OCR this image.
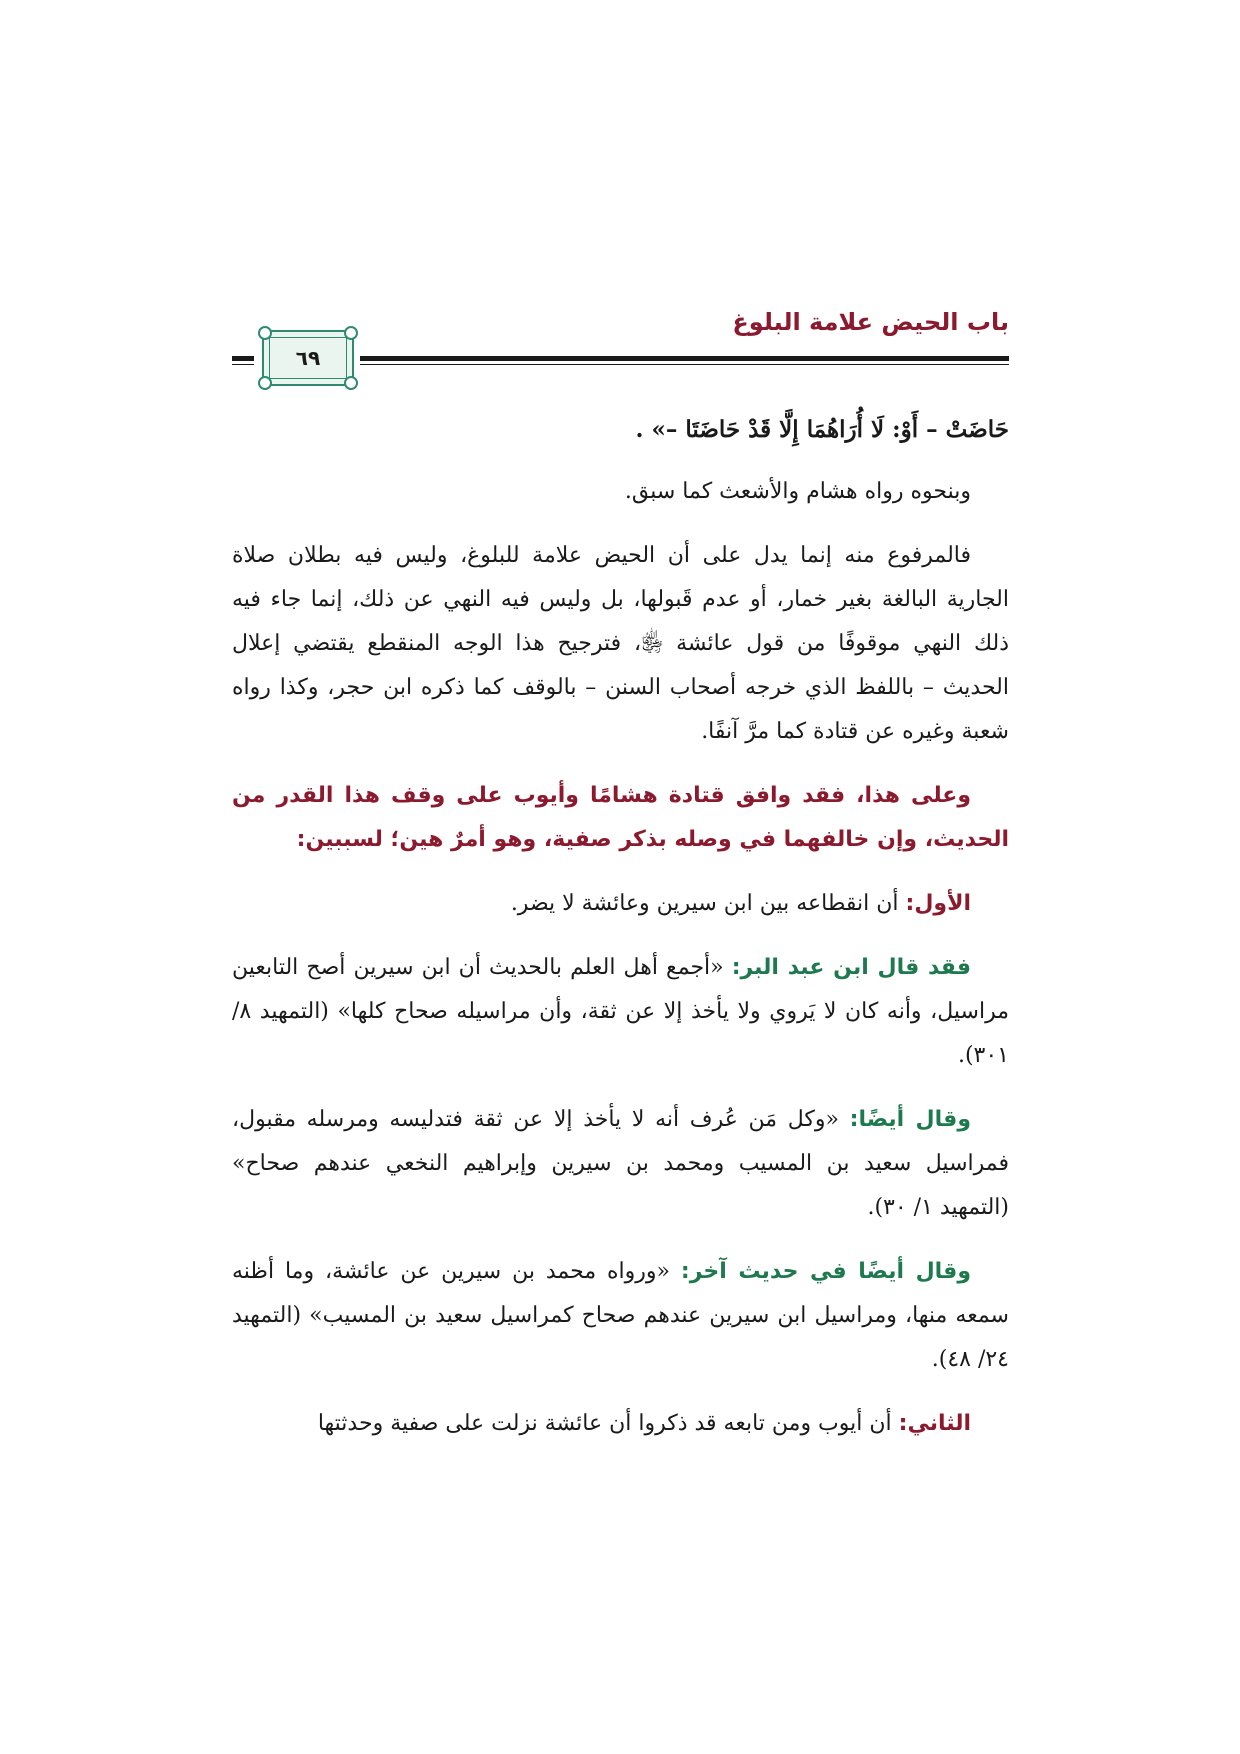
باب الحيض علامة البلوغ
٦٩

حَاضَتْ – أَوْ: لَا أُرَاهُمَا إِلَّا قَدْ حَاضَتَا –» .

وبنحوه رواه هشام والأشعث كما سبق.

فالمرفوع منه إنما يدل على أن الحيض علامة للبلوغ، وليس فيه بطلان صلاة الجارية البالغة بغير خمار، أو عدم قَبولها، بل وليس فيه النهي عن ذلك، إنما جاء فيه ذلك النهي موقوفًا من قول عائشة ﵂، فترجيح هذا الوجه المنقطع يقتضي إعلال الحديث – باللفظ الذي خرجه أصحاب السنن – بالوقف كما ذكره ابن حجر، وكذا رواه شعبة وغيره عن قتادة كما مرَّ آنفًا.

وعلى هذا، فقد وافق قتادة هشامًا وأيوب على وقف هذا القدر من الحديث، وإن خالفهما في وصله بذكر صفية، وهو أمرٌ هين؛ لسببين:

الأول: أن انقطاعه بين ابن سيرين وعائشة لا يضر.

فقد قال ابن عبد البر: «أجمع أهل العلم بالحديث أن ابن سيرين أصح التابعين مراسيل، وأنه كان لا يَروي ولا يأخذ إلا عن ثقة، وأن مراسيله صحاح كلها» (التمهيد ٨/ ٣٠١).

وقال أيضًا: «وكل مَن عُرف أنه لا يأخذ إلا عن ثقة فتدليسه ومرسله مقبول، فمراسيل سعيد بن المسيب ومحمد بن سيرين وإبراهيم النخعي عندهم صحاح» (التمهيد ١/ ٣٠).

وقال أيضًا في حديث آخر: «ورواه محمد بن سيرين عن عائشة، وما أظنه سمعه منها، ومراسيل ابن سيرين عندهم صحاح كمراسيل سعيد بن المسيب» (التمهيد ٢٤/ ٤٨).

الثاني: أن أيوب ومن تابعه قد ذكروا أن عائشة نزلت على صفية وحدثتها
